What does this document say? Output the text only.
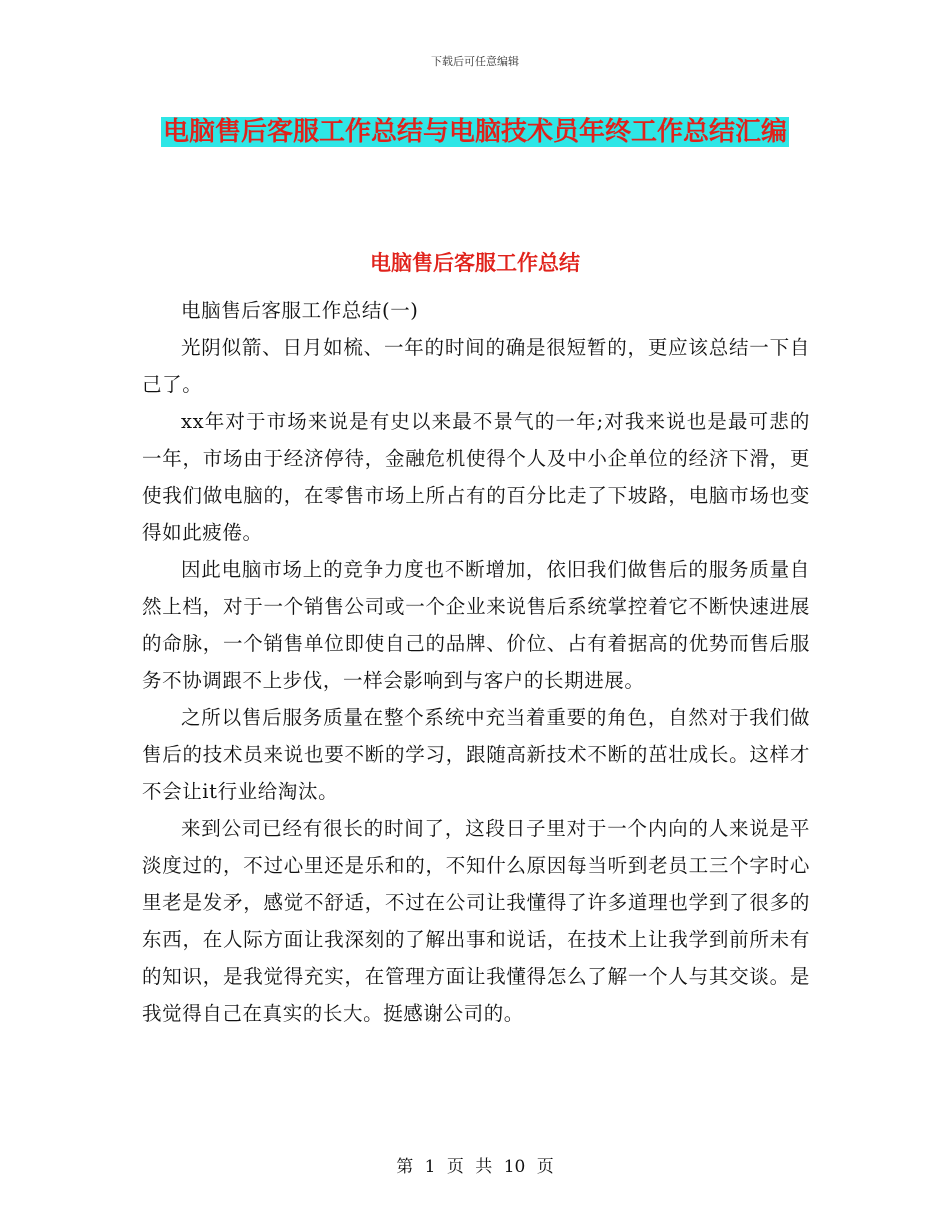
下载后可任意编辑
电脑售后客服工作总结与电脑技术员年终工作总结汇编
电脑售后客服工作总结

电脑售后客服工作总结(一)

光阴似箭、日月如梳、一年的时间的确是很短暂的，更应该总结一下自己了。

xx年对于市场来说是有史以来最不景气的一年;对我来说也是最可悲的一年，市场由于经济停待，金融危机使得个人及中小企单位的经济下滑，更使我们做电脑的，在零售市场上所占有的百分比走了下坡路，电脑市场也变得如此疲倦。

因此电脑市场上的竞争力度也不断增加，依旧我们做售后的服务质量自然上档，对于一个销售公司或一个企业来说售后系统掌控着它不断快速进展的命脉，一个销售单位即使自己的品牌、价位、占有着据高的优势而售后服务不协调跟不上步伐，一样会影响到与客户的长期进展。

之所以售后服务质量在整个系统中充当着重要的角色，自然对于我们做售后的技术员来说也要不断的学习，跟随高新技术不断的茁壮成长。这样才不会让it行业给淘汰。

来到公司已经有很长的时间了，这段日子里对于一个内向的人来说是平淡度过的，不过心里还是乐和的，不知什么原因每当听到老员工三个字时心里老是发矛，感觉不舒适，不过在公司让我懂得了许多道理也学到了很多的东西，在人际方面让我深刻的了解出事和说话，在技术上让我学到前所未有的知识，是我觉得充实，在管理方面让我懂得怎么了解一个人与其交谈。是我觉得自己在真实的长大。挺感谢公司的。

第 1 页 共 10 页
